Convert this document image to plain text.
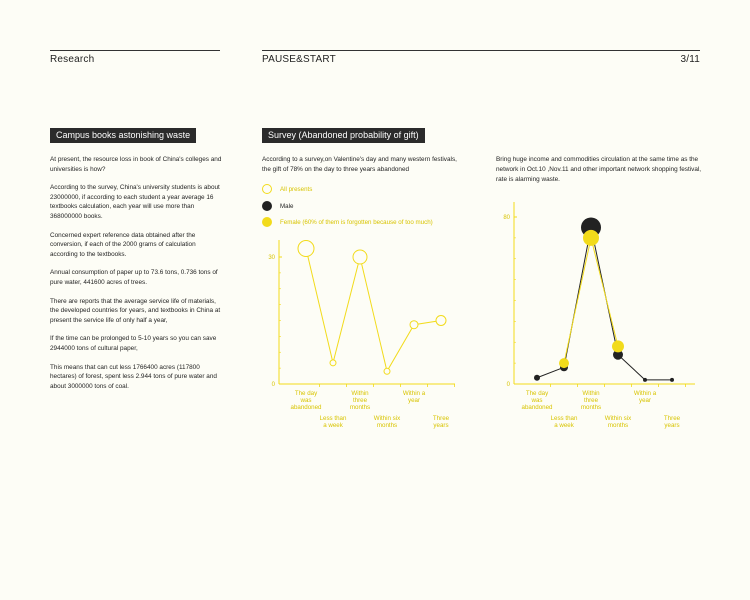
Research	PAUSE&START	3/11
Campus books astonishing waste

At present, the resource loss in book of China's colleges and universities is how?

According to the survey, China's university students is about 23000000, if according to each student a year average 16 textbooks calculation, each year will use more than 368000000 books.

Concerned expert reference data obtained after the conversion, if each of the 2000 grams of calculation according to the textbooks.

Annual consumption of paper up to 73.6 tons, 0.736 tons of pure water, 441600 acres of trees.

There are reports that the average service life of materials, the developed countries for years, and textbooks in China at present the service life of only half a year,

If the time can be prolonged to 5-10 years so you can save 2944000 tons of cultural paper,

This means that can cut less 1766400 acres (117800 hectares) of forest, spent less 2.944 tons of pure water and about 3000000 tons of coal.

Survey (Abandoned probability of gift)
According to a survey,on Valentine's day and many western festivals, the gift of 78% on the day to three years abandoned
Bring huge income and commodities circulation at the same time as the network in Oct.10 ,Nov.11 and other important network shopping festival, rate is alarming waste.
All presents
Male
Female (60% of them is forgotten because of too much)
30
0
The day was abandoned
Less than a week
Within three months
Within six months
Within a year
Three years
80
0
The day was abandoned
Less than a week
Within three months
Within six months
Within a year
Three years
